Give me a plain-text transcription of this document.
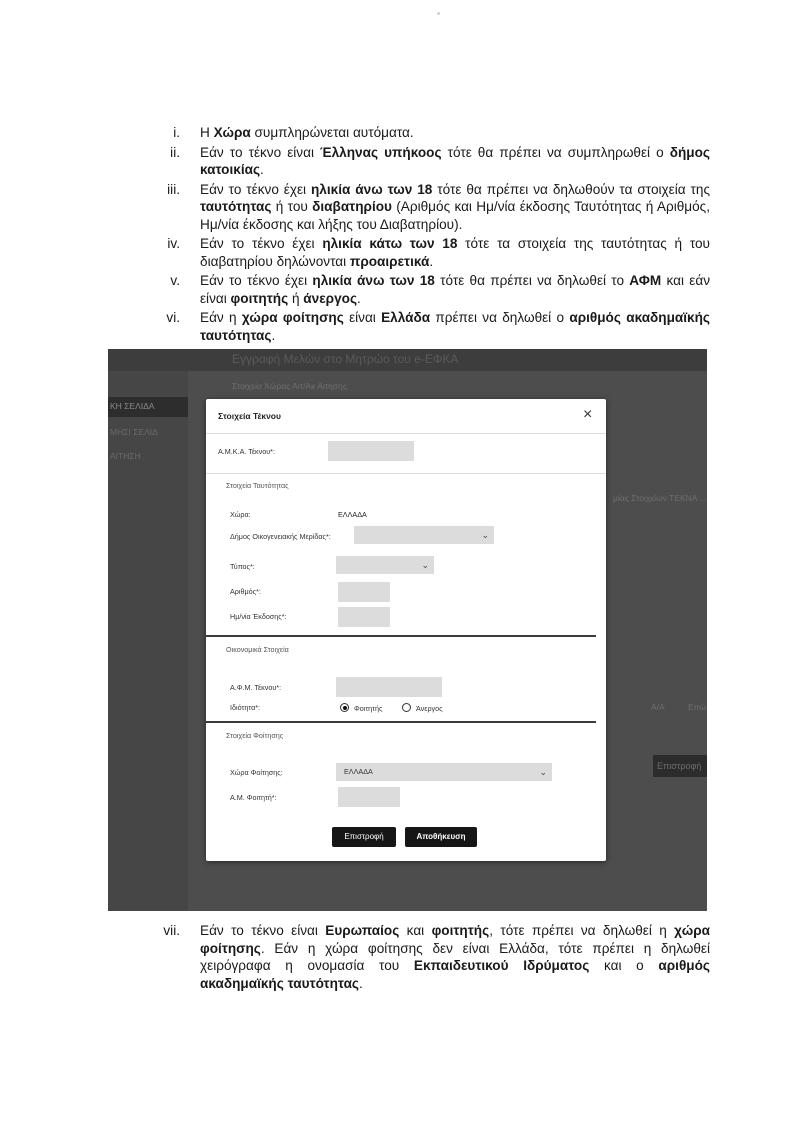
i. Η Χώρα συμπληρώνεται αυτόματα.
ii. Εάν το τέκνο είναι Έλληνας υπήκοος τότε θα πρέπει να συμπληρωθεί ο δήμος κατοικίας.
iii. Εάν το τέκνο έχει ηλικία άνω των 18 τότε θα πρέπει να δηλωθούν τα στοιχεία της ταυτότητας ή του διαβατηρίου (Αριθμός και Ημ/νία έκδοσης Ταυτότητας ή Αριθμός, Ημ/νία έκδοσης και λήξης του Διαβατηρίου).
iv. Εάν το τέκνο έχει ηλικία κάτω των 18 τότε τα στοιχεία της ταυτότητας ή του διαβατηρίου δηλώνονται προαιρετικά.
v. Εάν το τέκνο έχει ηλικία άνω των 18 τότε θα πρέπει να δηλωθεί το ΑΦΜ και εάν είναι φοιτητής ή άνεργος.
vi. Εάν η χώρα φοίτησης είναι Ελλάδα πρέπει να δηλωθεί ο αριθμός ακαδημαϊκής ταυτότητας.
Εγγραφή Μελών στο Μητρώο του e-ΕΦΚΑ
ΚΗ ΣΕΛΙΔΑ
ΜΗΣΙ ΣΕΛΙΔ
ΑΙΤΗΣΗ
Στοιχεία Χώρας Αιτ/Ακ Αιτησης
μίας Στοιχείων ΤΕΚΝΑ ...
Α/Α	Επώ
Επιστροφή
Στοιχεία Τέκνου	×
Α.Μ.Κ.Α. Τέκνου*:
Στοιχεία Ταυτότητας
Χώρα:	ΕΛΛΑΔΑ
Δήμος Οικογενειακής Μερίδας*:	⌄
Τύπος*:	⌄
Αριθμός*:
Ημ/νία Έκδοσης*:
Οικονομικά Στοιχεία
Α.Φ.Μ. Τέκνου*:
Ιδιότητα*:	Φοιτητής	Άνεργος
Στοιχεία Φοίτησης
Χώρα Φοίτησης:	ΕΛΛΑΔΑ	⌄
Α.Μ. Φοιτητή*:
Επιστροφή	Αποθήκευση
vii. Εάν το τέκνο είναι Ευρωπαίος και φοιτητής, τότε πρέπει να δηλωθεί η χώρα φοίτησης. Εάν η χώρα φοίτησης δεν είναι Ελλάδα, τότε πρέπει η δηλωθεί χειρόγραφα η ονομασία του Εκπαιδευτικού Ιδρύματος και ο αριθμός ακαδημαϊκής ταυτότητας.
